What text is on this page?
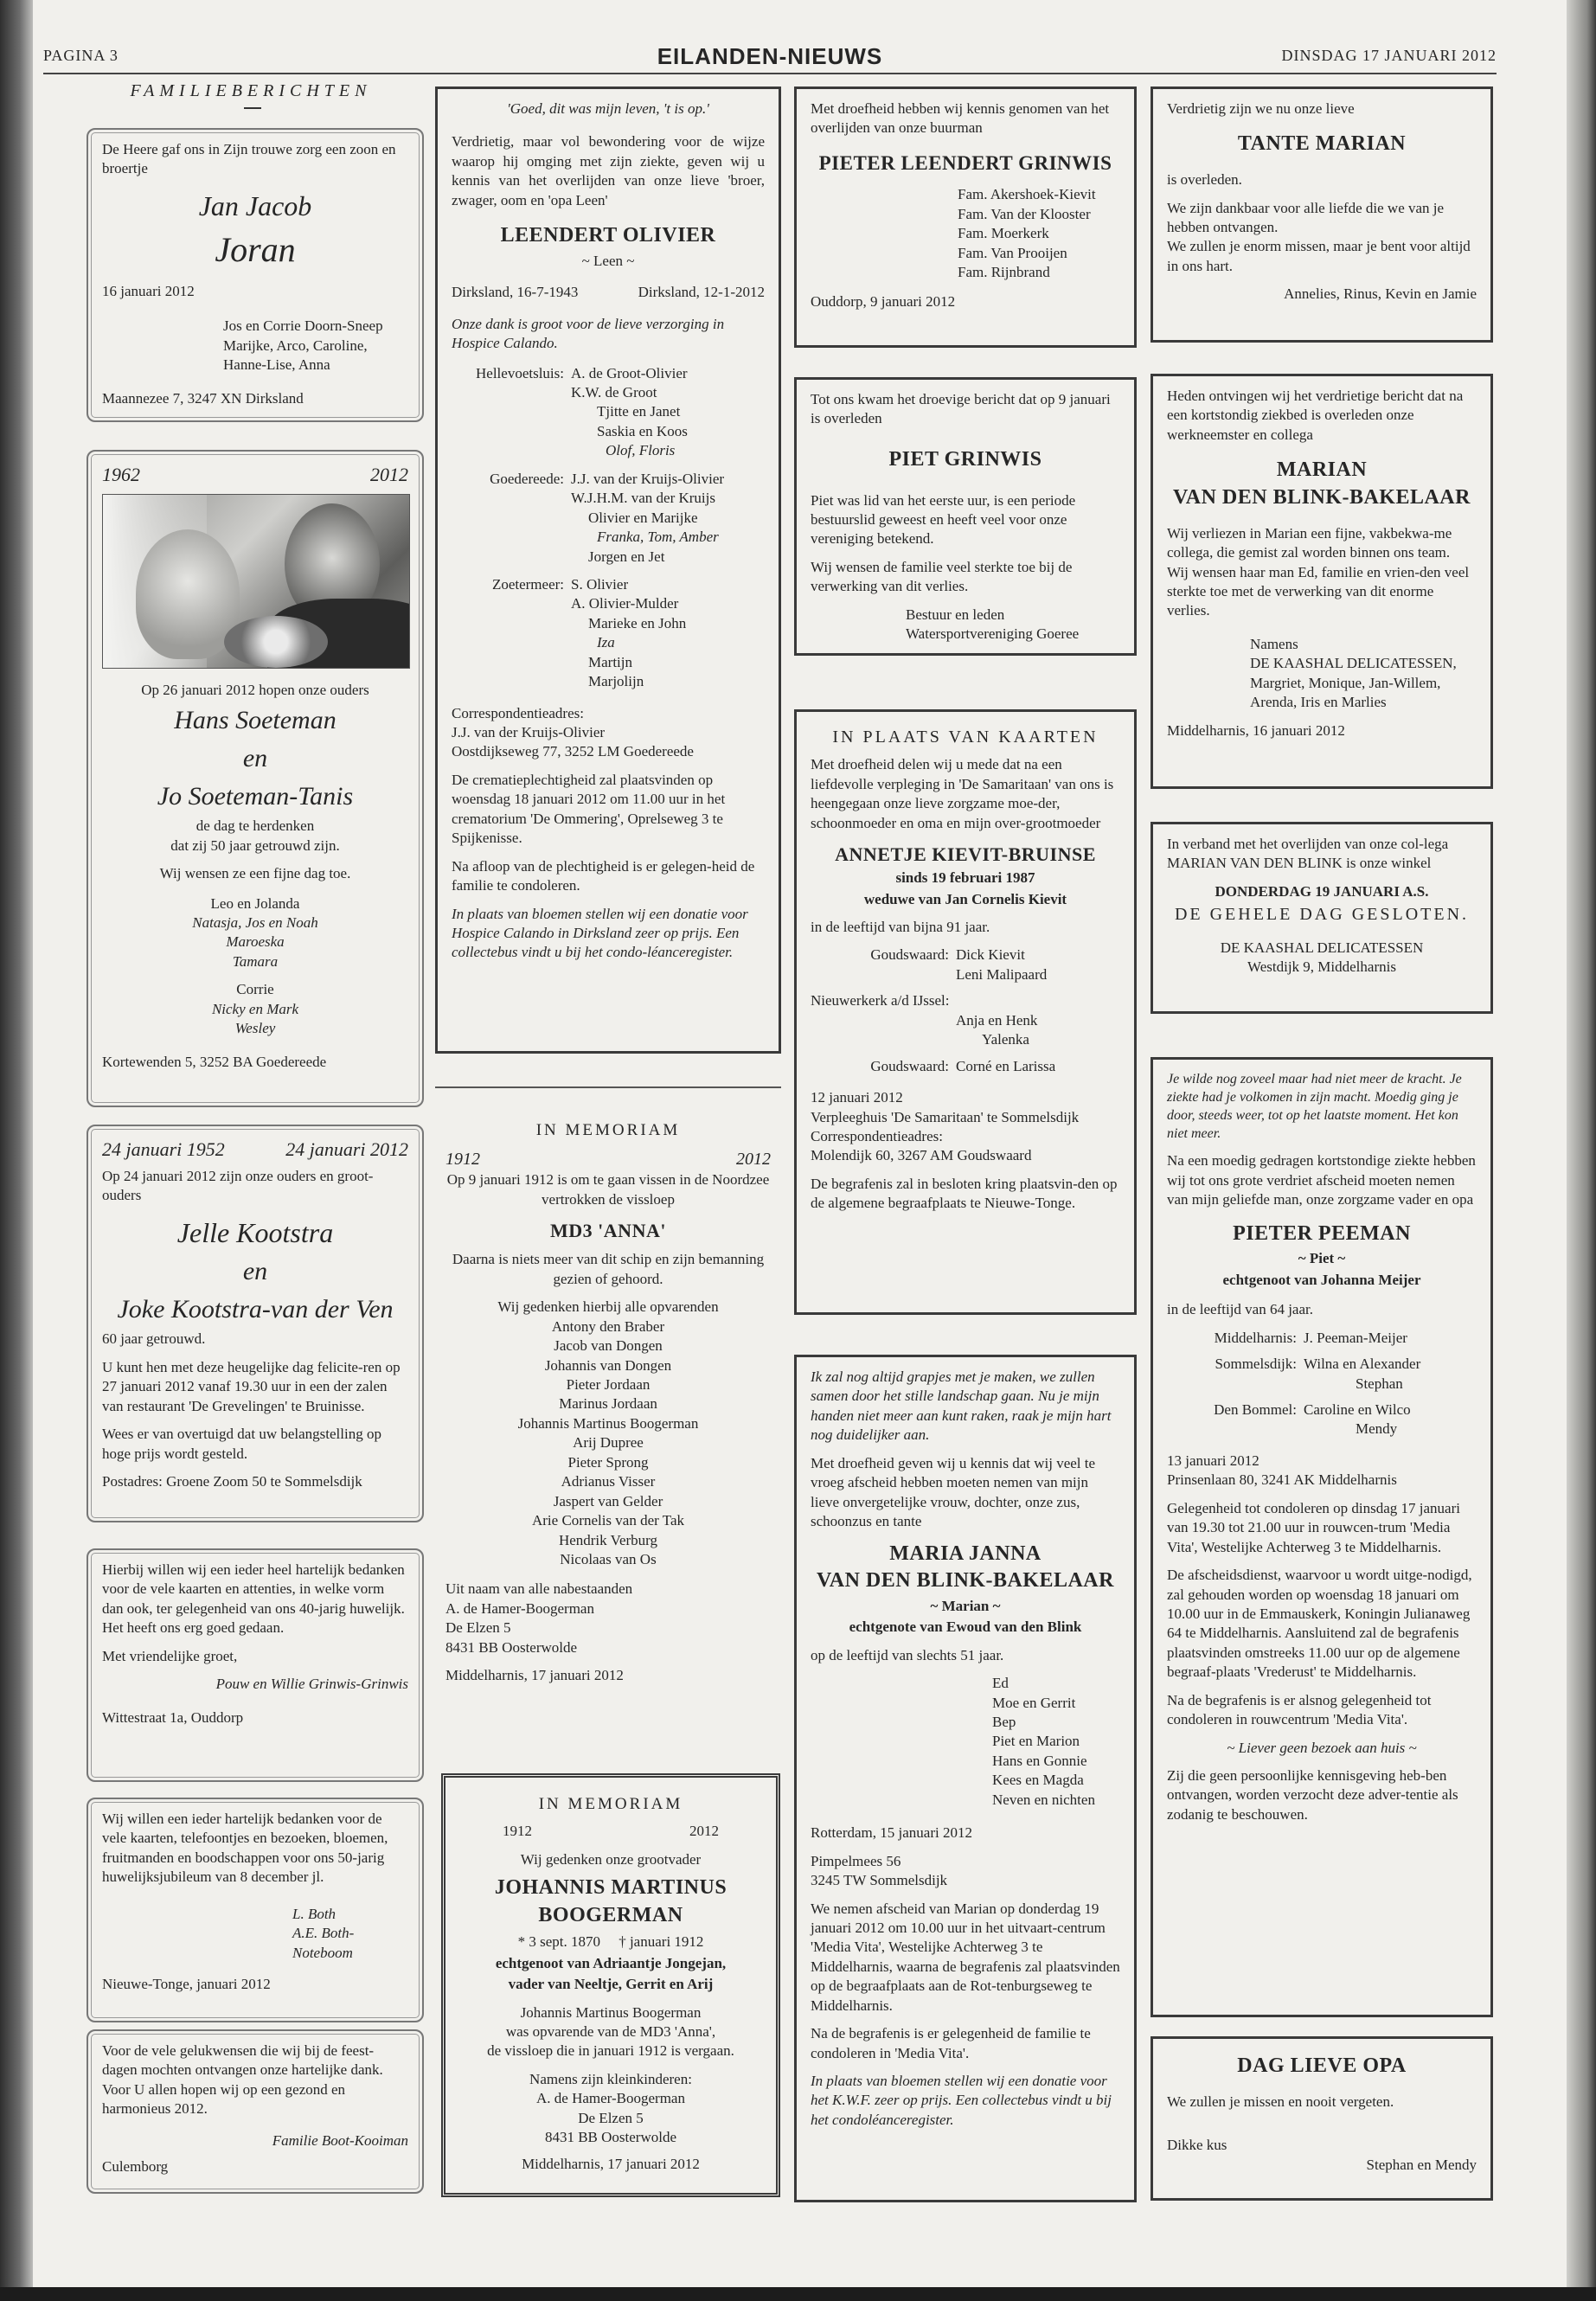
PAGINA 3	EILANDEN-NIEUWS	DINSDAG 17 JANUARI 2012
FAMILIEBERICHTEN
De Heere gaf ons in Zijn trouwe zorg een zoon en broertje
Jan Jacob
Joran
16 januari 2012
Jos en Corrie Doorn-Sneep
Marijke, Arco, Caroline,
Hanne-Lise, Anna
Maannezee 7, 3247 XN Dirksland
1962	2012
Op 26 januari 2012 hopen onze ouders
Hans Soeteman
en
Jo Soeteman-Tanis
de dag te herdenken
dat zij 50 jaar getrouwd zijn.
Wij wensen ze een fijne dag toe.
Leo en Jolanda
Natasja, Jos en Noah
Maroeska
Tamara
Corrie
Nicky en Mark
Wesley
Kortewenden 5, 3252 BA Goedereede
24 januari 1952	24 januari 2012
Op 24 januari 2012 zijn onze ouders en groot-ouders
Jelle Kootstra
en
Joke Kootstra-van der Ven
60 jaar getrouwd.
U kunt hen met deze heugelijke dag felicite-ren op 27 januari 2012 vanaf 19.30 uur in een der zalen van restaurant 'De Grevelingen' te Bruinisse.
Wees er van overtuigd dat uw belangstelling op hoge prijs wordt gesteld.
Postadres: Groene Zoom 50 te Sommelsdijk
Hierbij willen wij een ieder heel hartelijk bedanken voor de vele kaarten en attenties, in welke vorm dan ook, ter gelegenheid van ons 40-jarig huwelijk.
Het heeft ons erg goed gedaan.
Met vriendelijke groet,
Pouw en Willie Grinwis-Grinwis
Wittestraat 1a, Ouddorp
Wij willen een ieder hartelijk bedanken voor de vele kaarten, telefoontjes en bezoeken, bloemen, fruitmanden en boodschappen voor ons 50-jarig huwelijksjubileum van 8 december jl.
L. Both
A.E. Both-Noteboom
Nieuwe-Tonge, januari 2012
Voor de vele gelukwensen die wij bij de feest-dagen mochten ontvangen onze hartelijke dank. Voor U allen hopen wij op een gezond en harmonieus 2012.
Familie Boot-Kooiman
Culemborg
'Goed, dit was mijn leven, 't is op.'
Verdrietig, maar vol bewondering voor de wijze waarop hij omging met zijn ziekte, geven wij u kennis van het overlijden van onze lieve 'broer, zwager, oom en 'opa Leen'
LEENDERT OLIVIER
~ Leen ~
Dirksland, 16-7-1943	Dirksland, 12-1-2012
Onze dank is groot voor de lieve verzorging in Hospice Calando.
Hellevoetsluis: A. de Groot-Olivier
K.W. de Groot
Tjitte en Janet
Saskia en Koos
Olof, Floris
Goedereede: J.J. van der Kruijs-Olivier
W.J.H.M. van der Kruijs
Olivier en Marijke
Franka, Tom, Amber
Jorgen en Jet
Zoetermeer: S. Olivier
A. Olivier-Mulder
Marieke en John
Iza
Martijn
Marjolijn
Correspondentieadres:
J.J. van der Kruijs-Olivier
Oostdijkseweg 77, 3252 LM Goedereede
De crematieplechtigheid zal plaatsvinden op woensdag 18 januari 2012 om 11.00 uur in het crematorium 'De Ommering', Oprelseweg 3 te Spijkenisse.
Na afloop van de plechtigheid is er gelegen-heid de familie te condoleren.
In plaats van bloemen stellen wij een donatie voor Hospice Calando in Dirksland zeer op prijs. Een collectebus vindt u bij het condo-léanceregister.
IN MEMORIAM
1912	2012
Op 9 januari 1912 is om te gaan vissen in de Noordzee vertrokken de vissloep
MD3 'ANNA'
Daarna is niets meer van dit schip en zijn bemanning gezien of gehoord.
Wij gedenken hierbij alle opvarenden
Antony den Braber
Jacob van Dongen
Johannis van Dongen
Pieter Jordaan
Marinus Jordaan
Johannis Martinus Boogerman
Arij Dupree
Pieter Sprong
Adrianus Visser
Jaspert van Gelder
Arie Cornelis van der Tak
Hendrik Verburg
Nicolaas van Os
Uit naam van alle nabestaanden
A. de Hamer-Boogerman
De Elzen 5
8431 BB Oosterwolde
Middelharnis, 17 januari 2012
IN MEMORIAM
1912	2012
Wij gedenken onze grootvader
JOHANNIS MARTINUS
BOOGERMAN
* 3 sept. 1870     † januari 1912
echtgenoot van Adriaantje Jongejan,
vader van Neeltje, Gerrit en Arij
Johannis Martinus Boogerman
was opvarende van de MD3 'Anna',
de vissloep die in januari 1912 is vergaan.
Namens zijn kleinkinderen:
A. de Hamer-Boogerman
De Elzen 5
8431 BB Oosterwolde
Middelharnis, 17 januari 2012
Met droefheid hebben wij kennis genomen van het overlijden van onze buurman
PIETER LEENDERT GRINWIS
Fam. Akershoek-Kievit
Fam. Van der Klooster
Fam. Moerkerk
Fam. Van Prooijen
Fam. Rijnbrand
Ouddorp, 9 januari 2012
Tot ons kwam het droevige bericht dat op 9 januari is overleden
PIET GRINWIS
Piet was lid van het eerste uur, is een periode bestuurslid geweest en heeft veel voor onze vereniging betekend.
Wij wensen de familie veel sterkte toe bij de verwerking van dit verlies.
Bestuur en leden
Watersportvereniging Goeree
IN PLAATS VAN KAARTEN
Met droefheid delen wij u mede dat na een liefdevolle verpleging in 'De Samaritaan' van ons is heengegaan onze lieve zorgzame moe-der, schoonmoeder en oma en mijn over-grootmoeder
ANNETJE KIEVIT-BRUINSE
sinds 19 februari 1987
weduwe van Jan Cornelis Kievit
in de leeftijd van bijna 91 jaar.
Goudswaard: Dick Kievit
Leni Malipaard
Nieuwerkerk a/d IJssel:
Anja en Henk
Yalenka
Goudswaard: Corné en Larissa
12 januari 2012
Verpleeghuis 'De Samaritaan' te Sommelsdijk
Correspondentieadres:
Molendijk 60, 3267 AM Goudswaard
De begrafenis zal in besloten kring plaatsvin-den op de algemene begraafplaats te Nieuwe-Tonge.
Ik zal nog altijd grapjes met je maken, we zullen samen door het stille landschap gaan. Nu je mijn handen niet meer aan kunt raken, raak je mijn hart nog duidelijker aan.
Met droefheid geven wij u kennis dat wij veel te vroeg afscheid hebben moeten nemen van mijn lieve onvergetelijke vrouw, dochter, onze zus, schoonzus en tante
MARIA JANNA
VAN DEN BLINK-BAKELAAR
~ Marian ~
echtgenote van Ewoud van den Blink
op de leeftijd van slechts 51 jaar.
Ed
Moe en Gerrit
Bep
Piet en Marion
Hans en Gonnie
Kees en Magda
Neven en nichten
Rotterdam, 15 januari 2012
Pimpelmees 56
3245 TW Sommelsdijk
We nemen afscheid van Marian op donderdag 19 januari 2012 om 10.00 uur in het uitvaart-centrum 'Media Vita', Westelijke Achterweg 3 te Middelharnis, waarna de begrafenis zal plaatsvinden op de begraafplaats aan de Rot-tenburgseweg te Middelharnis.
Na de begrafenis is er gelegenheid de familie te condoleren in 'Media Vita'.
In plaats van bloemen stellen wij een donatie voor het K.W.F. zeer op prijs. Een collectebus vindt u bij het condoléanceregister.
Verdrietig zijn we nu onze lieve
TANTE MARIAN
is overleden.
We zijn dankbaar voor alle liefde die we van je hebben ontvangen.
We zullen je enorm missen, maar je bent voor altijd in ons hart.
Annelies, Rinus, Kevin en Jamie
Heden ontvingen wij het verdrietige bericht dat na een kortstondig ziekbed is overleden onze werkneemster en collega
MARIAN
VAN DEN BLINK-BAKELAAR
Wij verliezen in Marian een fijne, vakbekwa-me collega, die gemist zal worden binnen ons team.
Wij wensen haar man Ed, familie en vrien-den veel sterkte toe met de verwerking van dit enorme verlies.
Namens
DE KAASHAL DELICATESSEN,
Margriet, Monique, Jan-Willem,
Arenda, Iris en Marlies
Middelharnis, 16 januari 2012
In verband met het overlijden van onze col-lega MARIAN VAN DEN BLINK is onze winkel
DONDERDAG 19 JANUARI A.S.
DE GEHELE DAG GESLOTEN.
DE KAASHAL DELICATESSEN
Westdijk 9, Middelharnis
Je wilde nog zoveel maar had niet meer de kracht. Je ziekte had je volkomen in zijn macht. Moedig ging je door, steeds weer, tot op het laatste moment. Het kon niet meer.
Na een moedig gedragen kortstondige ziekte hebben wij tot ons grote verdriet afscheid moeten nemen van mijn geliefde man, onze zorgzame vader en opa
PIETER PEEMAN
~ Piet ~
echtgenoot van Johanna Meijer
in de leeftijd van 64 jaar.
Middelharnis: J. Peeman-Meijer
Sommelsdijk: Wilna en Alexander
Stephan
Den Bommel: Caroline en Wilco
Mendy
13 januari 2012
Prinsenlaan 80, 3241 AK Middelharnis
Gelegenheid tot condoleren op dinsdag 17 januari van 19.30 tot 21.00 uur in rouwcen-trum 'Media Vita', Westelijke Achterweg 3 te Middelharnis.
De afscheidsdienst, waarvoor u wordt uitge-nodigd, zal gehouden worden op woensdag 18 januari om 10.00 uur in de Emmauskerk, Koningin Julianaweg 64 te Middelharnis. Aansluitend zal de begrafenis plaatsvinden omstreeks 11.00 uur op de algemene begraaf-plaats 'Vrederust' te Middelharnis.
Na de begrafenis is er alsnog gelegenheid tot condoleren in rouwcentrum 'Media Vita'.
~ Liever geen bezoek aan huis ~
Zij die geen persoonlijke kennisgeving heb-ben ontvangen, worden verzocht deze adver-tentie als zodanig te beschouwen.
DAG LIEVE OPA
We zullen je missen en nooit vergeten.
Dikke kus
Stephan en Mendy
